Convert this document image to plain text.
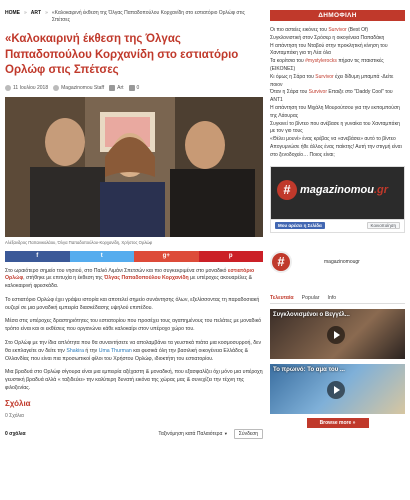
HOME » ART » «Καλοκαιρινή έκθεση της Όλγας Παπαδοπούλου Κορχανίδη στο εστιατόριο Ορλώφ στις Σπέτσες
«Καλοκαιρινή έκθεση της Όλγας Παπαδοπούλου Κορχανίδη στο εστιατόριο Ορλώφ στις Σπέτσες
11 Ιουλίου 2018	Magazinomou Staff	Art	0
Αλέξανδρος Παπανικολάου, Όλγα Παπαδοπούλου-Κορχανίδη, Χρήστος Ορλώφ
f	t	g+	p

Στο ωραιότερο σημείο του νησιού, στο Παλιό Λιμάνι Σπετσών και πιο συγκεκριμένα στο μοναδικό εστιατόριο Ορλώφ, στήθηκε με επιτυχία η έκθεση της Όλγας Παπαδοπούλου Κορχανίδη με υπέροχες ακουαρέλες & καλοκαιρινή φρεσκάδα.

Το εστιατόριο Ορλώφ έχει γράψει ιστορία και αποτελεί σημείο συνάντησης όλων, εξελίσσοντας τη παραδοσιακή ουζερί σε μια μοναδική εμπειρία διασκέδασης υψηλού επιπέδου.

Μέσα στις υπέροχες δραστηριότητες του εστιατορίου που προσέχει τους αγαπημένους του πελάτες με μοναδικό τρόπο είναι και οι εκθέσεις που οργανώνει κάθε καλοκαίρι στον υπέροχο χώρο του.

Στο Ορλώφ με την ίδια απλότητα που θα συναντήσετε να απολαμβάνει τα γευστικά πιάτα μια κοσμοσυρροή, δεν θα εκπλαγείτε αν δείτε την Shakira ή την Uma Thurman και φυσικά όλη την βασιλική οικογένεια Ελλάδος & Ολλανδίας που είναι πια προσωπικοί φίλοι του Χρήστου Ορλώφ, ιδιοκτήτη του εστιατορίου.

Μια βραδυά στο Ορλώφ σίγουρα είναι μια εμπειρία αξέχαστη & μοναδική, που εξασφαλίζει όχι μόνο μια υπέροχη γευστική βραδυά αλλά « ταξιδεύει» την καλύτερη δυνατή εικόνα της χώρας μας & συνεχίζει την τέχνη της φιλοξενίας.

Σχόλια
0 Σχόλια
0 σχόλια	Ταξινόμηση κατά Παλαιότερα ▼	Σύνδεση
ΔΗΜΟΦΙΛΗ
Οι πιο αστείες εικόνες του Survivor (Best Of)
Συγκλονιστική στον Σρόσερ η οικογένεια Παπαδάκη
Η απάντηση του Νταβού στην προκλητική κίνηση του Χανταμπάκη για τη Λέα όλα
Τα κορίτσια του #mystylerocks πήραν τις πταιστικές (ΕΙΚΟΝΕΣ)
Κι όμως η Σάρα του Survivor έχει δίδυμη μπαμπά -Δείτε ποιον
Όταν η Σάρα του Survivor Επαιξε στο "Daddy Cool" του ANT1
Η απάντηση του Μιχάλη Μουρούτσου για την εκπομπούση της Λάουρας
Συγκινεί το βίντεο που ανέβασε η γυναίκα του Χανταμπάκη με τον γιο τους
«Θέλει μουνί» ένας κρέβας να «ανεβάσει» αυτό το βίντεο
Απογυμνώσε ήθε άλλος ένας παίκτης! Αυτή την στιγμή είναι στο ξενοδοχείο… Ποιος είναι;
# magazinomou.gr
Μου αρέσει η Σελίδα	Κοινοποίηση
#	magazinomougr
Τελευταία Popular Info
Συγκλονισμένοι ο Βεγγέλ...
Το πρωινό: Το αμα του ...
Browse more »
